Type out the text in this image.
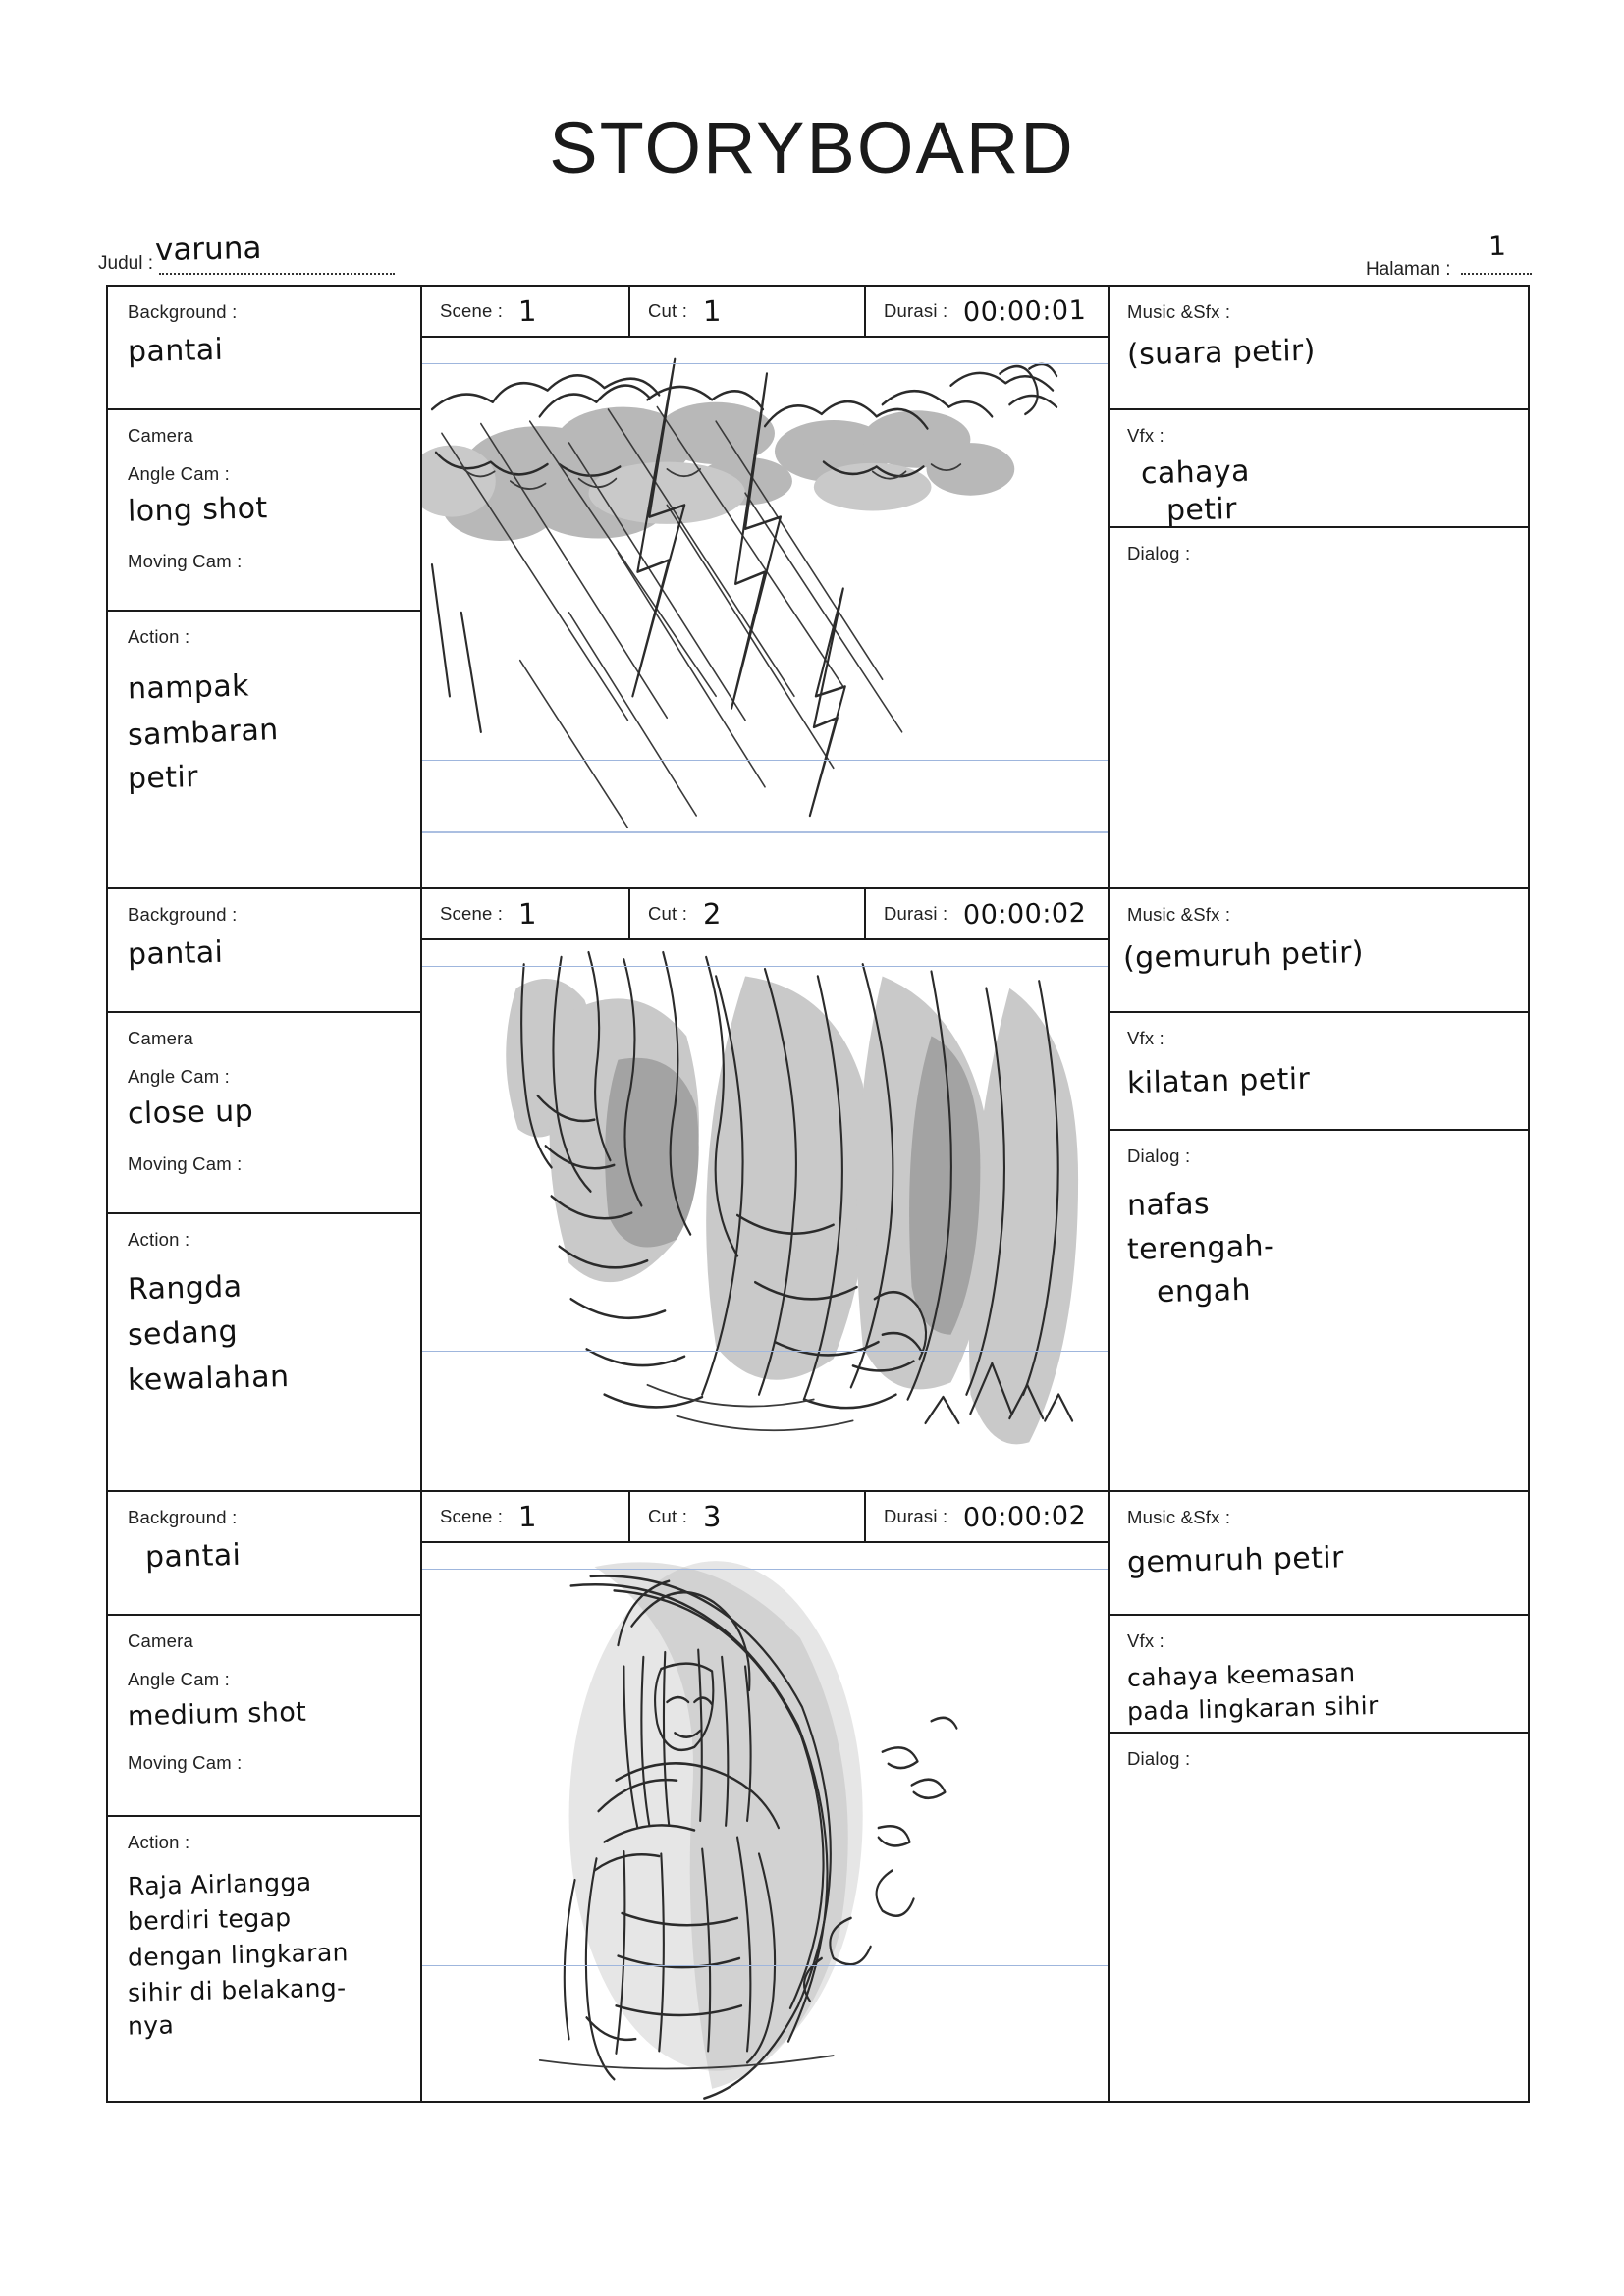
STORYBOARD
Judul : varuna
Halaman :
1
Background :
pantai
Camera
Angle Cam :
long shot
Moving Cam :
Action :
nampak
sambaran
petir
Scene : 1	Cut : 1	Durasi : 00:00:01 Music &Sfx :
(suara petir)
Vfx :
cahaya
petir
Dialog :
Background :
pantai
Camera
Angle Cam :
close up
Moving Cam :
Action :
Rangda
sedang
kewalahan
Scene : 1	Cut : 2	Durasi : 00:00:02 Music &Sfx :
(gemuruh petir)
Vfx :
kilatan petir
Dialog :
nafas
terengah-
engah
Background :
pantai
Camera
Angle Cam :
medium shot
Moving Cam :
Action :
Raja Airlangga
berdiri tegap
dengan lingkaran
sihir di belakang-
nya
Scene : 1	Cut : 3	Durasi : 00:00:02 Music &Sfx :
gemuruh petir
Vfx :
cahaya keemasan
pada lingkaran sihir
Dialog :
